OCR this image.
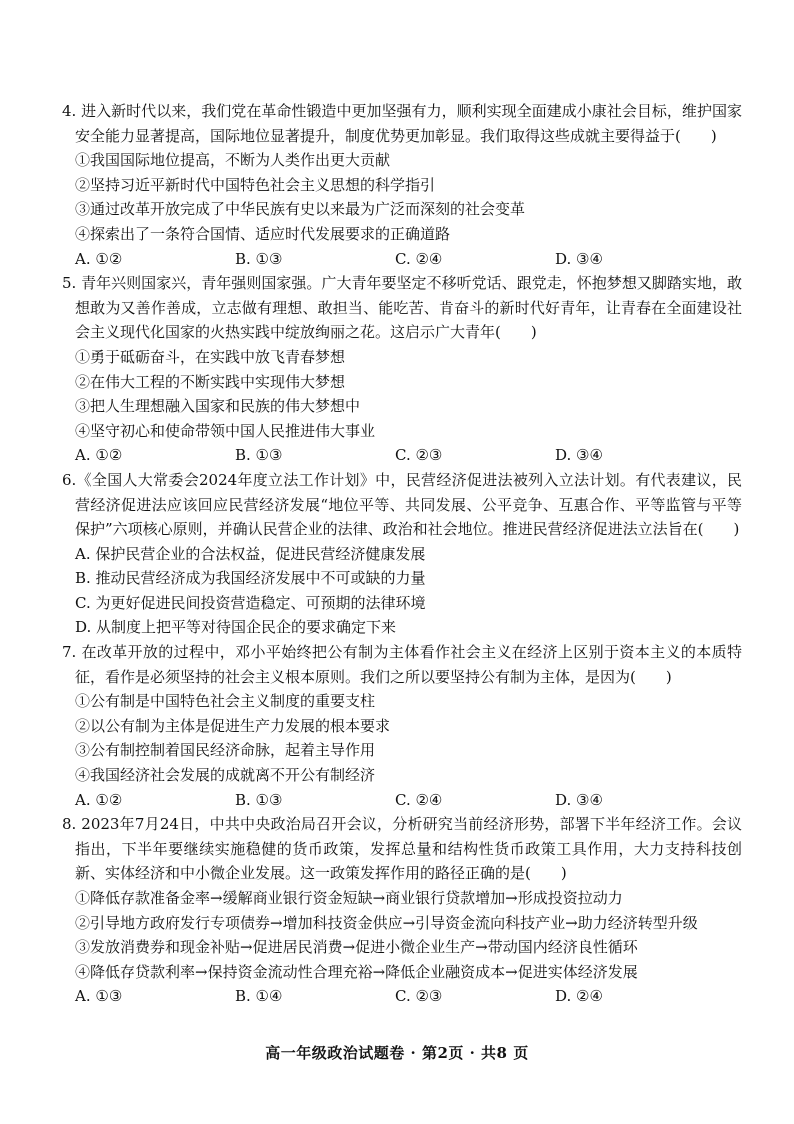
4. 进入新时代以来，我们党在革命性锻造中更加坚强有力，顺利实现全面建成小康社会目标，维护国家安全能力显著提高，国际地位显著提升，制度优势更加彰显。我们取得这些成就主要得益于(　　)
①我国国际地位提高，不断为人类作出更大贡献
②坚持习近平新时代中国特色社会主义思想的科学指引
③通过改革开放完成了中华民族有史以来最为广泛而深刻的社会变革
④探索出了一条符合国情、适应时代发展要求的正确道路
A. ①②	B. ①③	C. ②④	D. ③④
5. 青年兴则国家兴，青年强则国家强。广大青年要坚定不移听党话、跟党走，怀抱梦想又脚踏实地，敢想敢为又善作善成，立志做有理想、敢担当、能吃苦、肯奋斗的新时代好青年，让青春在全面建设社会主义现代化国家的火热实践中绽放绚丽之花。这启示广大青年(　　)
①勇于砥砺奋斗，在实践中放飞青春梦想
②在伟大工程的不断实践中实现伟大梦想
③把人生理想融入国家和民族的伟大梦想中
④坚守初心和使命带领中国人民推进伟大事业
A. ①②	B. ①③	C. ②③	D. ③④
6.《全国人大常委会2024年度立法工作计划》中，民营经济促进法被列入立法计划。有代表建议，民营经济促进法应该回应民营经济发展“地位平等、共同发展、公平竞争、互惠合作、平等监管与平等保护”六项核心原则，并确认民营企业的法律、政治和社会地位。推进民营经济促进法立法旨在(　　)
A. 保护民营企业的合法权益，促进民营经济健康发展
B. 推动民营经济成为我国经济发展中不可或缺的力量
C. 为更好促进民间投资营造稳定、可预期的法律环境
D. 从制度上把平等对待国企民企的要求确定下来
7. 在改革开放的过程中，邓小平始终把公有制为主体看作社会主义在经济上区别于资本主义的本质特征，看作是必须坚持的社会主义根本原则。我们之所以要坚持公有制为主体，是因为(　　)
①公有制是中国特色社会主义制度的重要支柱
②以公有制为主体是促进生产力发展的根本要求
③公有制控制着国民经济命脉，起着主导作用
④我国经济社会发展的成就离不开公有制经济
A. ①②	B. ①③	C. ②④	D. ③④
8. 2023年7月24日，中共中央政治局召开会议，分析研究当前经济形势，部署下半年经济工作。会议指出，下半年要继续实施稳健的货币政策，发挥总量和结构性货币政策工具作用，大力支持科技创新、实体经济和中小微企业发展。这一政策发挥作用的路径正确的是(　　)
①降低存款准备金率→缓解商业银行资金短缺→商业银行贷款增加→形成投资拉动力
②引导地方政府发行专项债券→增加科技资金供应→引导资金流向科技产业→助力经济转型升级
③发放消费券和现金补贴→促进居民消费→促进小微企业生产→带动国内经济良性循环
④降低存贷款利率→保持资金流动性合理充裕→降低企业融资成本→促进实体经济发展
A. ①③	B. ①④	C. ②③	D. ②④
高一年级政治试题卷 · 第2页 · 共8 页
